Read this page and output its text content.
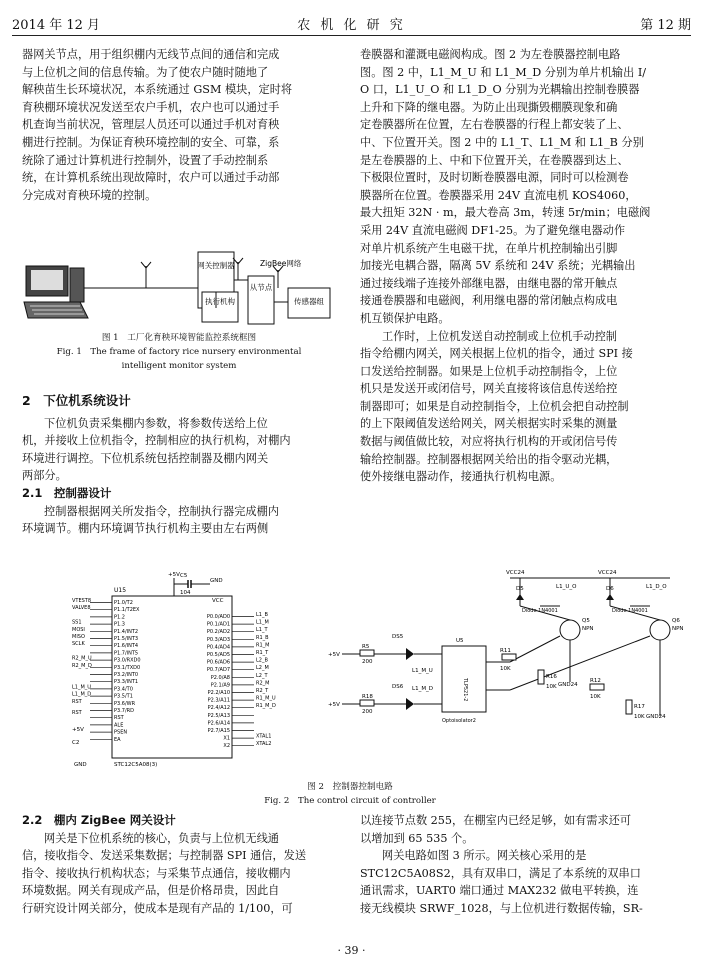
2014 年 12 月	农 机 化 研 究	第 12 期

器网关节点，用于组织棚内无线节点间的通信和完成

与上位机之间的信息传输。为了使农户随时随地了

解秧苗生长环境状况，本系统通过 GSM 模块，定时将

育秧棚环境状况发送至农户手机，农户也可以通过手

机查询当前状况，管理层人员还可以通过手机对育秧

棚进行控制。为保证育秧环境控制的安全、可靠，系

统除了通过计算机进行控制外，设置了手动控制系

统，在计算机系统出现故障时，农户可以通过手动部

分完成对育秧环境的控制。

网关控制器	ZigBee网络
执行机构
从节点
传感器组
图 1　工厂化育秧环境智能监控系统框图
Fig. 1　The frame of factory rice nursery environmental
intelligent monitor system

2　下位机系统设计

下位机负责采集棚内参数，将参数传送给上位

机，并接收上位机指令，控制相应的执行机构，对棚内

环境进行调控。下位机系统包括控制器及棚内网关

两部分。

2.1　控制器设计

控制器根据网关所发指令，控制执行器完成棚内

环境调节。棚内环境调节执行机构主要由左右两侧

卷膜器和灌溉电磁阀构成。图 2 为左卷膜器控制电路

图。图 2 中，L1_M_U 和 L1_M_D 分别为单片机输出 I/

O 口，L1_U_O 和 L1_D_O 分别为光耦输出控制卷膜器

上升和下降的继电器。为防止出现撕毁棚膜现象和确

定卷膜器所在位置，左右卷膜器的行程上都安装了上、

中、下位置开关。图 2 中的 L1_T、L1_M 和 L1_B 分别

是左卷膜器的上、中和下位置开关，在卷膜器到达上、

下极限位置时，及时切断卷膜器电源，同时可以检测卷

膜器所在位置。卷膜器采用 24V 直流电机 KOS4060，

最大扭矩 32N · m，最大卷高 3m，转速 5r/min；电磁阀

采用 24V 直流电磁阀 DF1-25。为了避免继电器动作

对单片机系统产生电磁干扰，在单片机控制输出引脚

加接光电耦合器，隔离 5V 系统和 24V 系统；光耦输出

通过接线端子连接外部继电器，由继电器的常开触点

接通卷膜器和电磁阀，利用继电器的常闭触点构成电

机互锁保护电路。

工作时，上位机发送自动控制或上位机手动控制

指令给棚内网关，网关根据上位机的指令，通过 SPI 接

口发送给控制器。如果是上位机手动控制指令，上位

机只是发送开或闭信号，网关直接将该信息传送给控

制器即可；如果是自动控制指令，上位机会把自动控制

的上下限阈值发送给网关，网关根据实时采集的测量

数据与阈值做比较，对应将执行机构的开或闭信号传

输给控制器。控制器根据网关给出的指令驱动光耦，

使外接继电器动作，接通执行机构电源。

U15
STC12C5A08(3)
VCC
GND
+5V C5
104
GND
P1.0/T2
P1.1/T2EX
P1.2
P1.3
P1.4/INT2
P1.5/INT3
P1.6/INT4
P1.7/INT5
P3.0/RXD0
P3.1/TXD0
P3.2/INT0
P3.3/INT1
P3.4/T0
P3.5/T1
P3.6/WR
P3.7/RD
RST
ALE
PSEN
EA
VTEST8
VALVE8
SS1
MOSI
MISO
SCLK
R2_M_U
R2_M_D
L1_M_U
L1_M_D
RST
RST
P0.0/AD0
P0.1/AD1
P0.2/AD2
P0.3/AD3
P0.4/AD4
P0.5/AD5
P0.6/AD6
P0.7/AD7
P2.0/A8
P2.1/A9
P2.2/A10
P2.3/A11
P2.4/A12
P2.5/A13
P2.6/A14
P2.7/A15
X1
X2
L1_B
L1_M
L1_T
R1_B
R1_M
R1_T
L2_B
L2_M
L2_T
R2_M
R2_T
R1_M_U
R1_M_D
XTAL1
XTAL2
+5V
C2
+5V
+5V
R5
200
R18
200
DS5
DS6
U5
TLP521-2
Optoisolator2
L1_M_U
L1_M_D
VCC24	VCC24
D5	D6
Diode 1N4001	Diode 1N4001
L1_U_O	L1_D_O
Q5
NPN
Q6
NPN
R11
10K
R12
10K
R16
R17
10K
10K
GND24
GND24
图 2　控制器控制电路
Fig. 2　The control circuit of controller

2.2　棚内 ZigBee 网关设计

网关是下位机系统的核心，负责与上位机无线通

信，接收指令、发送采集数据；与控制器 SPI 通信，发送

指令、接收执行机构状态；与采集节点通信，接收棚内

环境数据。网关有现成产品，但是价格昂贵，因此自

行研究设计网关部分，使成本是现有产品的 1/100，可

以连接节点数 255，在棚室内已经足够，如有需求还可

以增加到 65 535 个。

网关电路如图 3 所示。网关核心采用的是

STC12C5A08S2，具有双串口，满足了本系统的双串口

通讯需求，UART0 端口通过 MAX232 做电平转换，连

接无线模块 SRWF_1028，与上位机进行数据传输，SR-

· 39 ·
